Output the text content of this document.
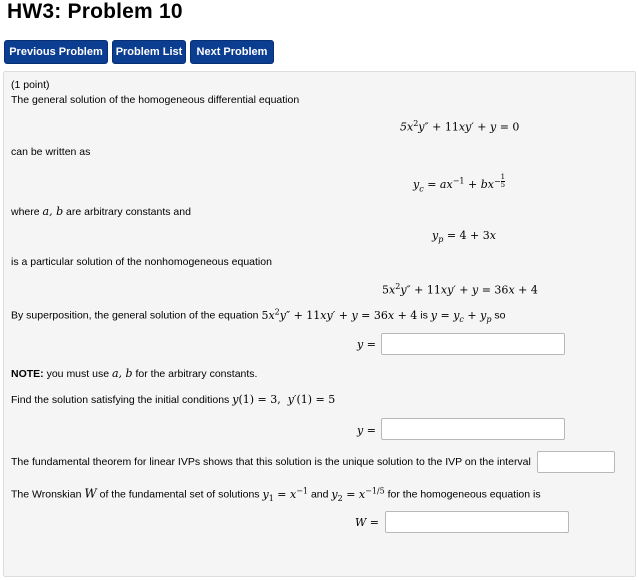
HW3: Problem 10
Previous Problem	Problem List	Next Problem
(1 point)
The general solution of the homogeneous differential equation
$5x^2y'' + 11xy' + y = 0$
can be written as
$y_c = ax^{-1} + bx^{- \frac{1}{5}}$
where a, b are arbitrary constants and
$y_p = 4 + 3x$
is a particular solution of the nonhomogeneous equation
$5x^2y'' + 11xy' + y = 36x + 4$
By superposition, the general solution of the equation $5x^2y'' + 11xy' + y = 36x + 4$ is $y = y_c + y_p$ so
y =
NOTE: you must use a, b for the arbitrary constants.
Find the solution satisfying the initial conditions y(1) = 3,  y′(1) = 5
y =
The fundamental theorem for linear IVPs shows that this solution is the unique solution to the IVP on the interval
The Wronskian W of the fundamental set of solutions $y_1 = x^{-1}$ and $y_2 = x^{-1/5}$ for the homogeneous equation is
W =
